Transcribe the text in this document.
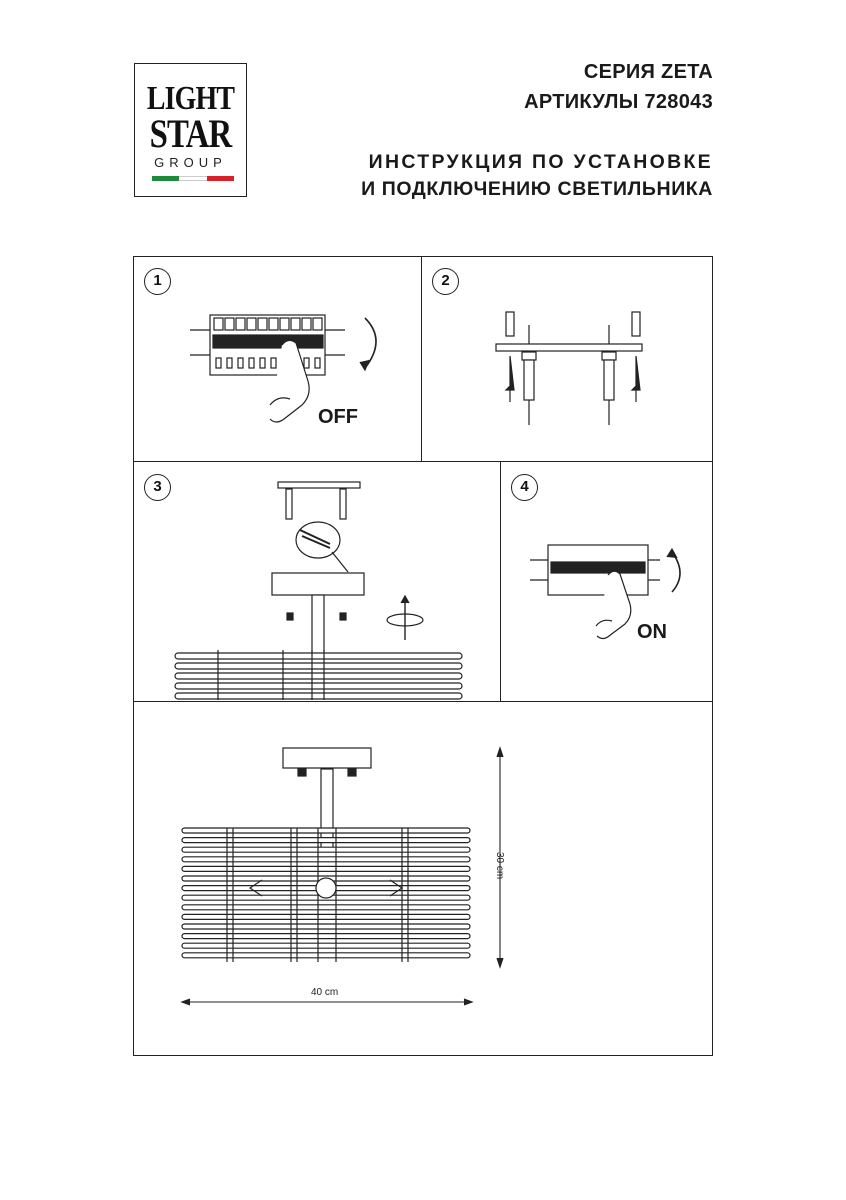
LIGHT
STAR
GROUP
СЕРИЯ ZETA
АРТИКУЛЫ 728043
ИНСТРУКЦИЯ ПО УСТАНОВКЕ
И ПОДКЛЮЧЕНИЮ СВЕТИЛЬНИКА
1	2
3	4
OFF
ON
30 cm
40 cm
